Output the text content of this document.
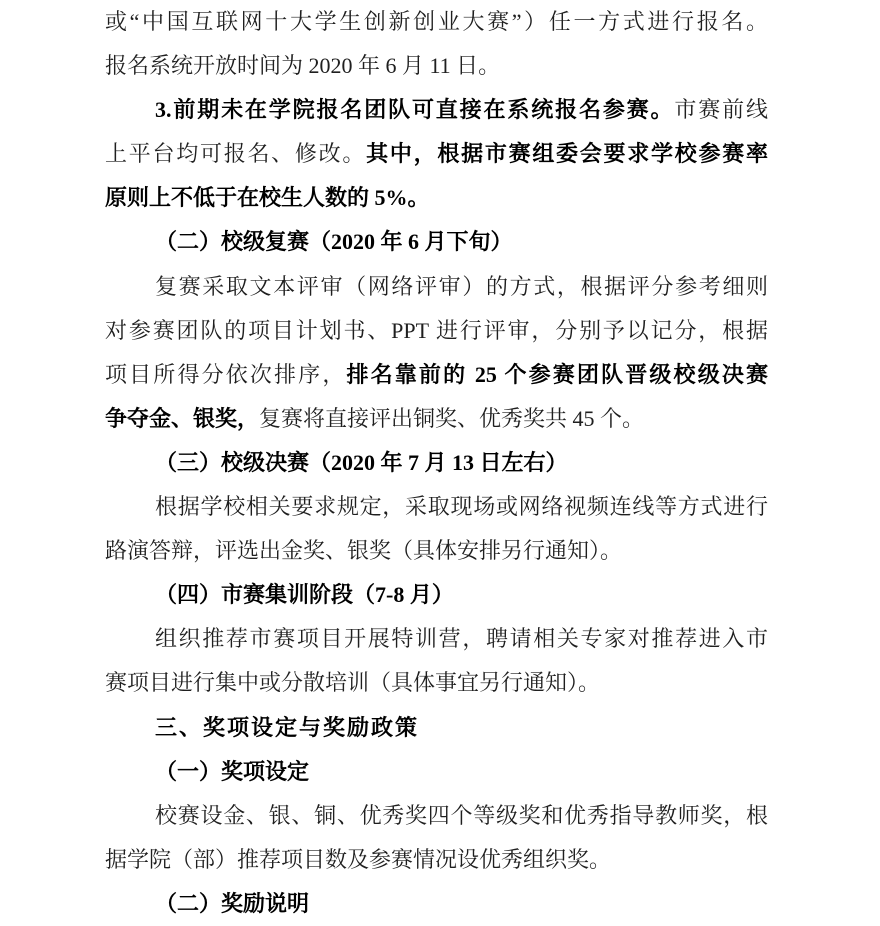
或“中国互联网十大学生创新创业大赛”）任一方式进行报名。

报名系统开放时间为 2020 年 6 月 11 日。

3.前期未在学院报名团队可直接在系统报名参赛。市赛前线

上平台均可报名、修改。其中，根据市赛组委会要求学校参赛率

原则上不低于在校生人数的 5%。

（二）校级复赛（2020 年 6 月下旬）

复赛采取文本评审（网络评审）的方式，根据评分参考细则

对参赛团队的项目计划书、PPT 进行评审，分别予以记分，根据

项目所得分依次排序，排名靠前的 25 个参赛团队晋级校级决赛

争夺金、银奖，复赛将直接评出铜奖、优秀奖共 45 个。

（三）校级决赛（2020 年 7 月 13 日左右）

根据学校相关要求规定，采取现场或网络视频连线等方式进行

路演答辩，评选出金奖、银奖（具体安排另行通知）。

（四）市赛集训阶段（7-8 月）

组织推荐市赛项目开展特训营，聘请相关专家对推荐进入市

赛项目进行集中或分散培训（具体事宜另行通知）。

三、奖项设定与奖励政策

（一）奖项设定

校赛设金、银、铜、优秀奖四个等级奖和优秀指导教师奖，根

据学院（部）推荐项目数及参赛情况设优秀组织奖。

（二）奖励说明
